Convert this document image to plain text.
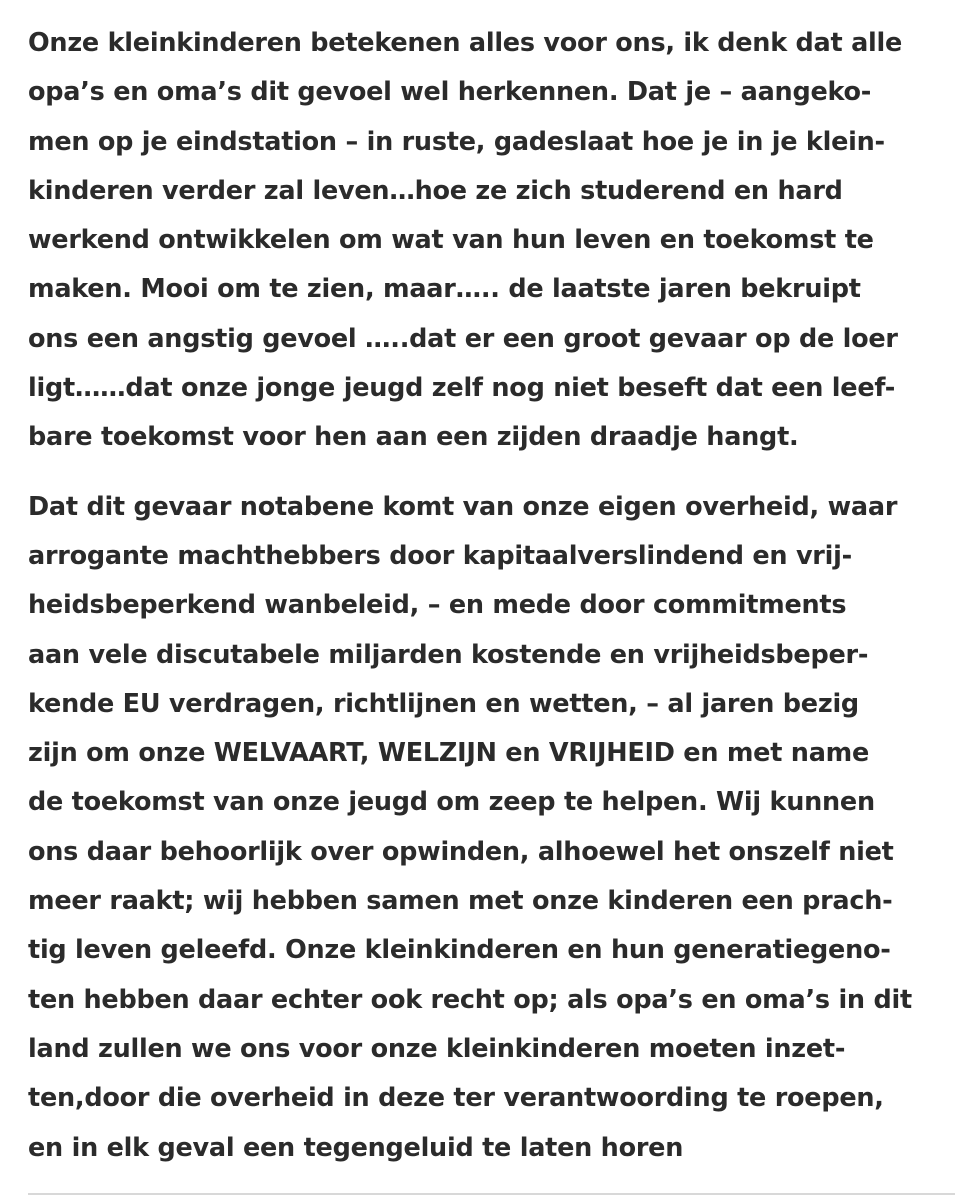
Onze kleinkinderen betekenen alles voor ons, ik denk dat alle
opa’s en oma’s dit gevoel wel herkennen. Dat je – aangeko-
men op je eindstation – in ruste, gadeslaat hoe je in je klein-
kinderen verder zal leven…hoe ze zich studerend en hard
werkend ontwikkelen om wat van hun leven en toekomst te
maken. Mooi om te zien, maar….. de laatste jaren bekruipt
ons een angstig gevoel …..dat er een groot gevaar op de loer
ligt……dat onze jonge jeugd zelf nog niet beseft dat een leef-
bare toekomst voor hen aan een zijden draadje hangt.

Dat dit gevaar notabene komt van onze eigen overheid, waar
arrogante machthebbers door kapitaalverslindend en vrij-
heidsbeperkend wanbeleid, – en mede door commitments
aan vele discutabele miljarden kostende en vrijheidsbeper-
kende EU verdragen, richtlijnen en wetten, – al jaren bezig
zijn om onze WELVAART, WELZIJN en VRIJHEID en met name
de toekomst van onze jeugd om zeep te helpen. Wij kunnen
ons daar behoorlijk over opwinden, alhoewel het onszelf niet
meer raakt; wij hebben samen met onze kinderen een prach-
tig leven geleefd. Onze kleinkinderen en hun generatiegeno-
ten hebben daar echter ook recht op; als opa’s en oma’s in dit
land zullen we ons voor onze kleinkinderen moeten inzet-
ten,door die overheid in deze ter verantwoording te roepen,
en in elk geval een tegengeluid te laten horen
